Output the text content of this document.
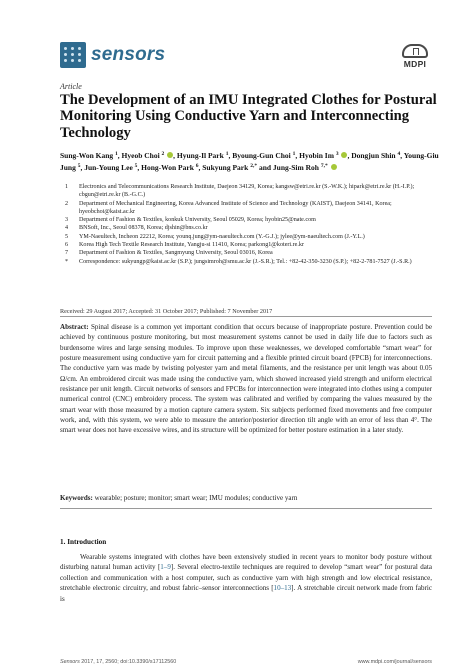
sensors	MDPI
Article
The Development of an IMU Integrated Clothes for Postural Monitoring Using Conductive Yarn and Interconnecting Technology
Sung-Won Kang $^1$, Hyeob Choi $^2$ , Hyung-Il Park $^1$, Byoung-Gun Choi $^1$, Hyobin Im $^3$ , Dongjun Shin $^4$, Young-Giu Jung $^5$, Jun-Young Lee $^5$, Hong-Won Park $^6$, Sukyung Park $^{2,*}$ and Jung-Sim Roh $^{7,*}$
1	Electronics and Telecommunications Research Institute, Daejeon 34129, Korea; kangsw@etri.re.kr (S.-W.K.); hipark@etri.re.kr (H.-I.P.); cbgun@etri.re.kr (B.-G.C.)
2	Department of Mechanical Engineering, Korea Advanced Institute of Science and Technology (KAIST), Daejeon 34141, Korea; hyeobchoi@kaist.ac.kr
3	Department of Fashion & Textiles, konkuk University, Seoul 05029, Korea; hyobin25@nate.com
4	BNSoft, Inc., Seoul 08378, Korea; djshin@bns.co.kr
5	YM-Naeultech, Incheon 22212, Korea; younq.jung@ym-naeultech.com (Y.-G.J.); jylee@ym-naeultech.com (J.-Y.L.)
6	Korea High Tech Textile Research Institute, Yangju-si 11410, Korea; parkong1@koteri.re.kr
7	Department of Fashion & Textiles, Sangmyung University, Seoul 03016, Korea
*	Correspondence: sukyungp@kaist.ac.kr (S.P.); jungsimroh@smu.ac.kr (J.-S.R.); Tel.: +82-42-350-3230 (S.P.); +82-2-781-7527 (J.-S.R.)
Received: 29 August 2017; Accepted: 31 October 2017; Published: 7 November 2017
Abstract: Spinal disease is a common yet important condition that occurs because of inappropriate posture. Prevention could be achieved by continuous posture monitoring, but most measurement systems cannot be used in daily life due to factors such as burdensome wires and large sensing modules. To improve upon these weaknesses, we developed comfortable “smart wear” for posture measurement using conductive yarn for circuit patterning and a flexible printed circuit board (FPCB) for interconnections. The conductive yarn was made by twisting polyester yarn and metal filaments, and the resistance per unit length was about 0.05 Ω/cm. An embroidered circuit was made using the conductive yarn, which showed increased yield strength and uniform electrical resistance per unit length. Circuit networks of sensors and FPCBs for interconnection were integrated into clothes using a computer numerical control (CNC) embroidery process. The system was calibrated and verified by comparing the values measured by the smart wear with those measured by a motion capture camera system. Six subjects performed fixed movements and free computer work, and, with this system, we were able to measure the anterior/posterior direction tilt angle with an error of less than 4°. The smart wear does not have excessive wires, and its structure will be optimized for better posture estimation in a later study.
Keywords: wearable; posture; monitor; smart wear; IMU modules; conductive yarn
1. Introduction
Wearable systems integrated with clothes have been extensively studied in recent years to monitor body posture without disturbing natural human activity [1–9]. Several electro-textile techniques are required to develop “smart wear” for postural data collection and communication with a host computer, such as conductive yarn with high strength and low electrical resistance, stretchable electronic circuitry, and robust fabric–sensor interconnections [10–13]. A stretchable circuit network made from fabric is
Sensors 2017, 17, 2560; doi:10.3390/s17112560	www.mdpi.com/journal/sensors
